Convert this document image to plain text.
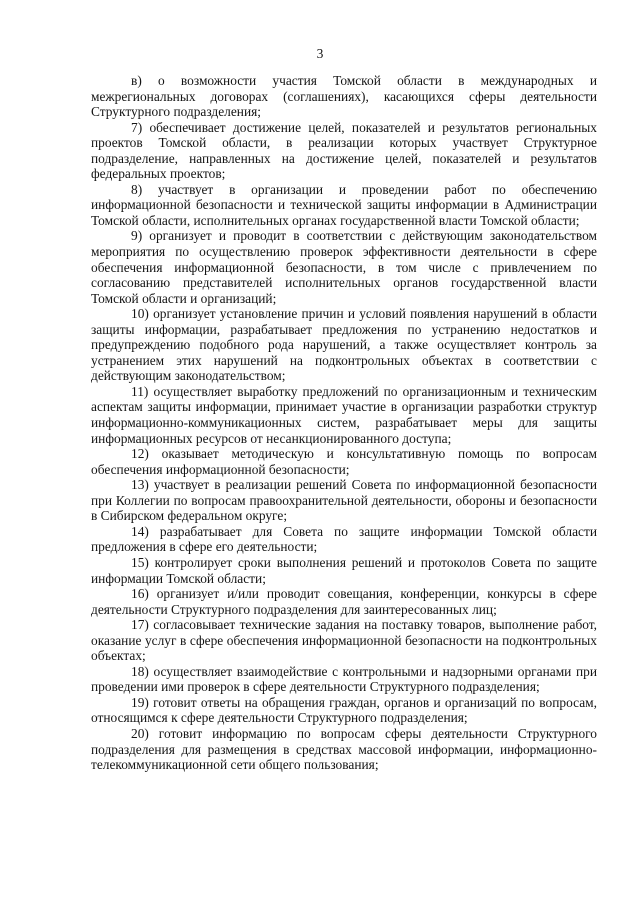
3

в) о возможности участия Томской области в международных и межрегиональных договорах (соглашениях), касающихся сферы деятельности Структурного подразделения;

7) обеспечивает достижение целей, показателей и результатов региональных проектов Томской области, в реализации которых участвует Структурное подразделение, направленных на достижение целей, показателей и результатов федеральных проектов;

8) участвует в организации и проведении работ по обеспечению информационной безопасности и технической защиты информации в Администрации Томской области, исполнительных органах государственной власти Томской области;

9) организует и проводит в соответствии с действующим законодательством мероприятия по осуществлению проверок эффективности деятельности в сфере обеспечения информационной безопасности, в том числе с привлечением по согласованию представителей исполнительных органов государственной власти Томской области и организаций;

10) организует установление причин и условий появления нарушений в области защиты информации, разрабатывает предложения по устранению недостатков и предупреждению подобного рода нарушений, а также осуществляет контроль за устранением этих нарушений на подконтрольных объектах в соответствии с действующим законодательством;

11) осуществляет выработку предложений по организационным и техническим аспектам защиты информации, принимает участие в организации разработки структур информационно-коммуникационных систем, разрабатывает меры для защиты информационных ресурсов от несанкционированного доступа;

12) оказывает методическую и консультативную помощь по вопросам обеспечения информационной безопасности;

13) участвует в реализации решений Совета по информационной безопасности при Коллегии по вопросам правоохранительной деятельности, обороны и безопасности в Сибирском федеральном округе;

14) разрабатывает для Совета по защите информации Томской области предложения в сфере его деятельности;

15) контролирует сроки выполнения решений и протоколов Совета по защите информации Томской области;

16) организует и/или проводит совещания, конференции, конкурсы в сфере деятельности Структурного подразделения для заинтересованных лиц;

17) согласовывает технические задания на поставку товаров, выполнение работ, оказание услуг в сфере обеспечения информационной безопасности на подконтрольных объектах;

18) осуществляет взаимодействие с контрольными и надзорными органами при проведении ими проверок в сфере деятельности Структурного подразделения;

19) готовит ответы на обращения граждан, органов и организаций по вопросам, относящимся к сфере деятельности Структурного подразделения;

20) готовит информацию по вопросам сферы деятельности Структурного подразделения для размещения в средствах массовой информации, информационно-телекоммуникационной сети общего пользования;
